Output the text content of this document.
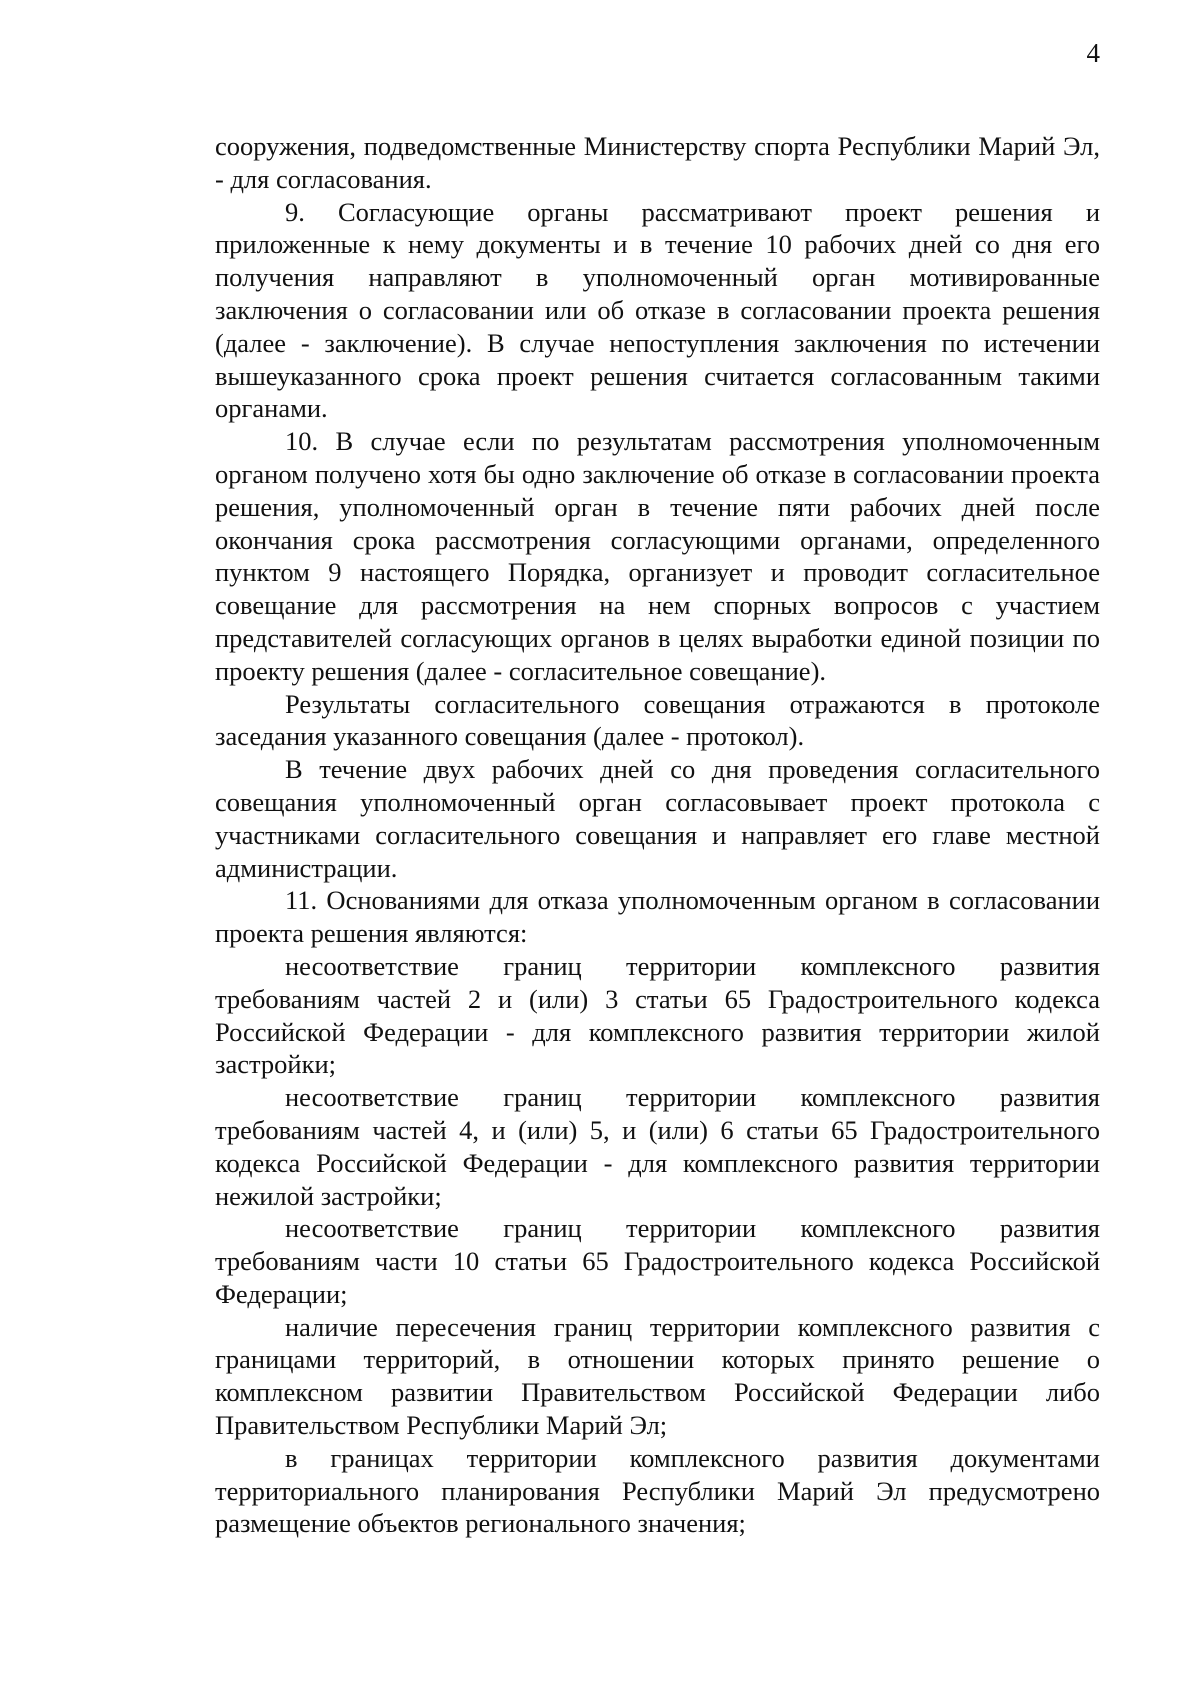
4

сооружения, подведомственные Министерству спорта Республики Марий Эл, - для согласования.

9. Согласующие органы рассматривают проект решения и приложенные к нему документы и в течение 10 рабочих дней со дня его получения направляют в уполномоченный орган мотивированные заключения о согласовании или об отказе в согласовании проекта решения (далее - заключение). В случае непоступления заключения по истечении вышеуказанного срока проект решения считается согласованным такими органами.

10. В случае если по результатам рассмотрения уполномоченным органом получено хотя бы одно заключение об отказе в согласовании проекта решения, уполномоченный орган в течение пяти рабочих дней после окончания срока рассмотрения согласующими органами, определенного пунктом 9 настоящего Порядка, организует и проводит согласительное совещание для рассмотрения на нем спорных вопросов с участием представителей согласующих органов в целях выработки единой позиции по проекту решения (далее - согласительное совещание).

Результаты согласительного совещания отражаются в протоколе заседания указанного совещания (далее - протокол).

В течение двух рабочих дней со дня проведения согласительного совещания уполномоченный орган согласовывает проект протокола с участниками согласительного совещания и направляет его главе местной администрации.

11. Основаниями для отказа уполномоченным органом в согласовании проекта решения являются:

несоответствие границ территории комплексного развития требованиям частей 2 и (или) 3 статьи 65 Градостроительного кодекса Российской Федерации - для комплексного развития территории жилой застройки;

несоответствие границ территории комплексного развития требованиям частей 4, и (или) 5, и (или) 6 статьи 65 Градостроительного кодекса Российской Федерации - для комплексного развития территории нежилой застройки;

несоответствие границ территории комплексного развития требованиям части 10 статьи 65 Градостроительного кодекса Российской Федерации;

наличие пересечения границ территории комплексного развития с границами территорий, в отношении которых принято решение о комплексном развитии Правительством Российской Федерации либо Правительством Республики Марий Эл;

в границах территории комплексного развития документами территориального планирования Республики Марий Эл предусмотрено размещение объектов регионального значения;
